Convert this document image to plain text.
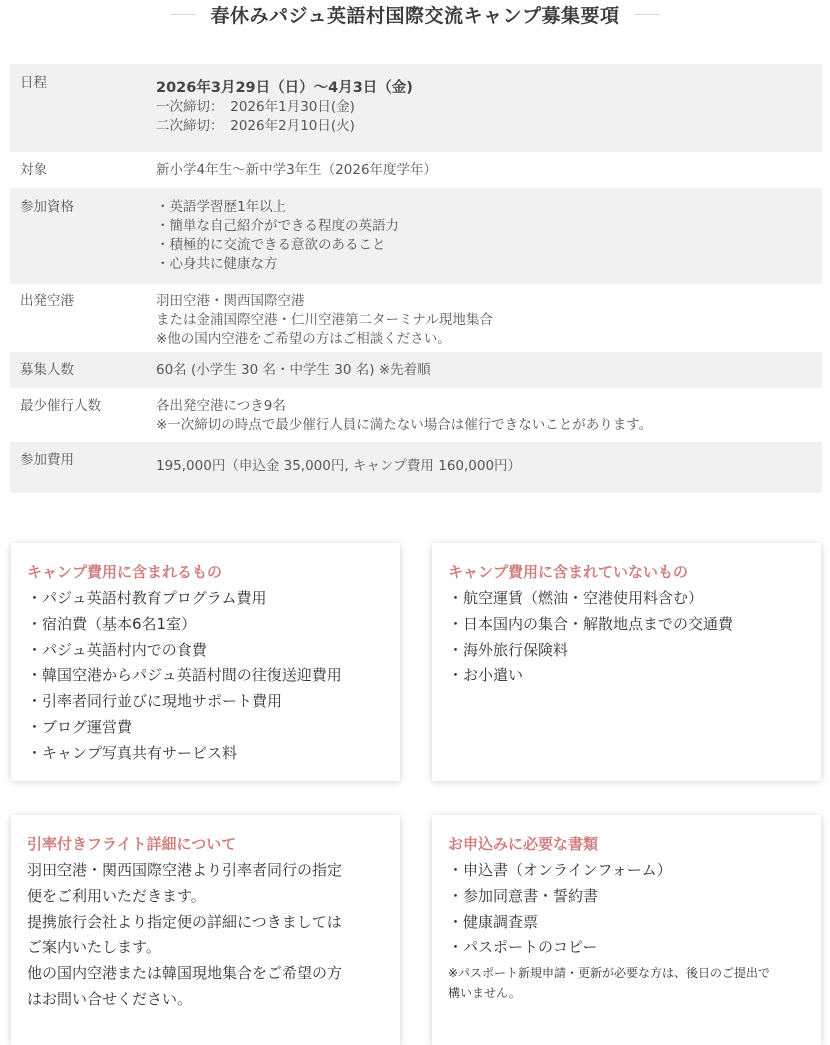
春休みパジュ英語村国際交流キャンプ募集要項
日程	2026年3月29日（日）〜4月3日（金)
一次締切：　2026年1月30日(金)
二次締切：　2026年2月10日(火)

対象	新小学4年生〜新中学3年生（2026年度学年）

参加資格	・英語学習歴1年以上
・簡単な自己紹介ができる程度の英語力
・積極的に交流できる意欲のあること
・心身共に健康な方

出発空港	羽田空港・関西国際空港
または金浦国際空港・仁川空港第二ターミナル現地集合
※他の国内空港をご希望の方はご相談ください。

募集人数	60名 (小学生 30 名・中学生 30 名) ※先着順

最少催行人数	各出発空港につき9名
※一次締切の時点で最少催行人員に満たない場合は催行できないことがあります。

参加費用	195,000円（申込金 35,000円, キャンプ費用 160,000円）
キャンプ費用に含まれるもの
・パジュ英語村教育プログラム費用
・宿泊費（基本6名1室）
・パジュ英語村内での食費
・韓国空港からパジュ英語村間の往復送迎費用
・引率者同行並びに現地サポート費用
・ブログ運営費
・キャンプ写真共有サービス料
キャンプ費用に含まれていないもの
・航空運賃（燃油・空港使用料含む）
・日本国内の集合・解散地点までの交通費
・海外旅行保険料
・お小遣い
引率付きフライト詳細について

羽田空港・関西国際空港より引率者同行の指定

便をご利用いただきます。

提携旅行会社より指定便の詳細につきましては

ご案内いたします。

他の国内空港または韓国現地集合をご希望の方

はお問い合せください。

お申込みに必要な書類
・申込書（オンラインフォーム）
・参加同意書・誓約書
・健康調査票
・パスポートのコピー

※パスポート新規申請・更新が必要な方は、後日のご提出で
構いません。
